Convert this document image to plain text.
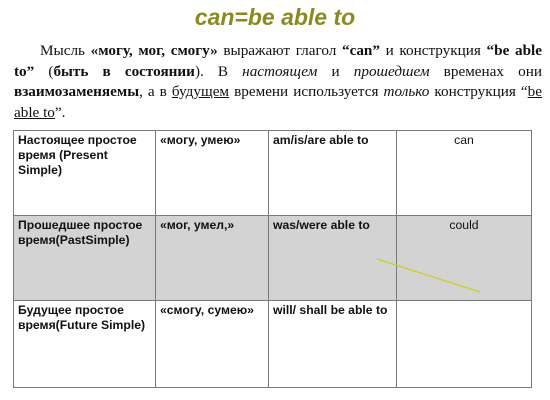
can=be able to
Мысль «могу, мог, смогу» выражают глагол “can” и конструкция “be able to” (быть в состоянии). В настоящем и прошедшем временах они взаимозаменяемы, а в будущем времени используется только конструкция “be able to”.
Настоящее простое время (Present Simple)	«могу, умею»	am/is/are able to	can
Прошедшее простое время(PastSimple)	«мог, умел,»	was/were able to	could
Будущее простое время(Future Simple)	«смогу, сумею»	will/ shall be able to	
